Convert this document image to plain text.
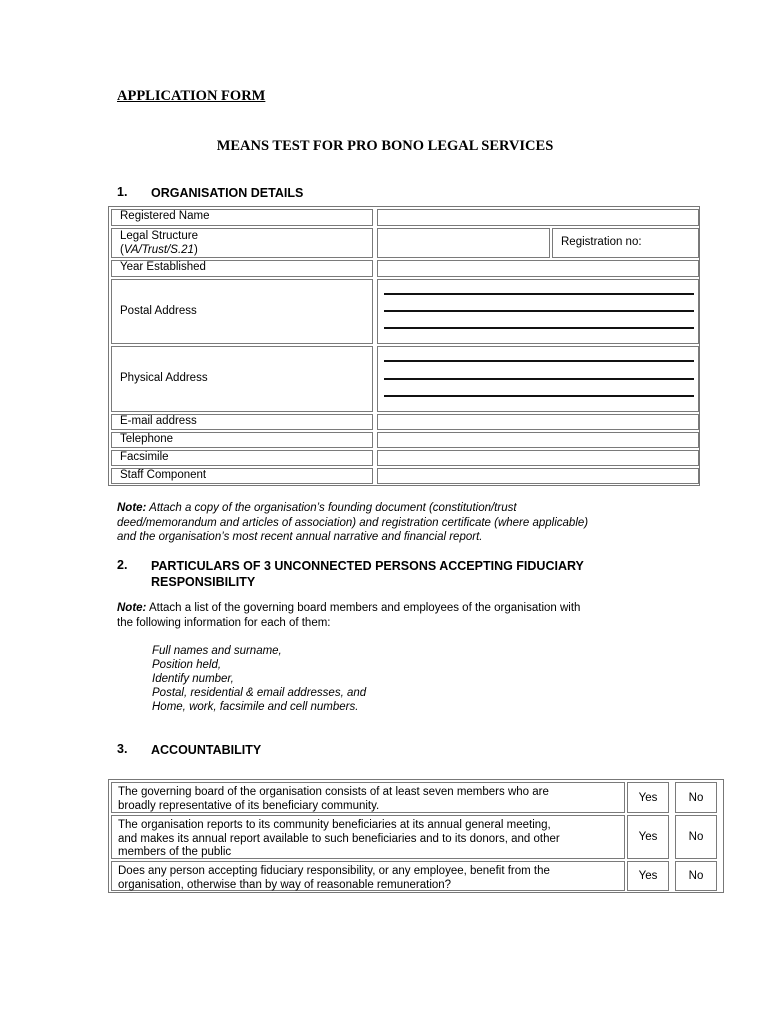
APPLICATION FORM
MEANS TEST FOR PRO BONO LEGAL SERVICES
1. ORGANISATION DETAILS
Registered Name
Legal Structure
(VA/Trust/S.21)
Registration no:
Year Established
Postal Address
Physical Address
E-mail address
Telephone
Facsimile
Staff Component
Note: Attach a copy of the organisation’s founding document (constitution/trust
deed/memorandum and articles of association) and registration certificate (where applicable)
and the organisation’s most recent annual narrative and financial report.
2. PARTICULARS OF 3 UNCONNECTED PERSONS ACCEPTING FIDUCIARY
RESPONSIBILITY
Note: Attach a list of the governing board members and employees of the organisation with
the following information for each of them:
Full names and surname,
Position held,
Identify number,
Postal, residential & email addresses, and
Home, work, facsimile and cell numbers.
3. ACCOUNTABILITY
The governing board of the organisation consists of at least seven members who are
broadly representative of its beneficiary community.
Yes	No
The organisation reports to its community beneficiaries at its annual general meeting,
and makes its annual report available to such beneficiaries and to its donors, and other
members of the public
Yes	No
Does any person accepting fiduciary responsibility, or any employee, benefit from the
organisation, otherwise than by way of reasonable remuneration?
Yes	No
